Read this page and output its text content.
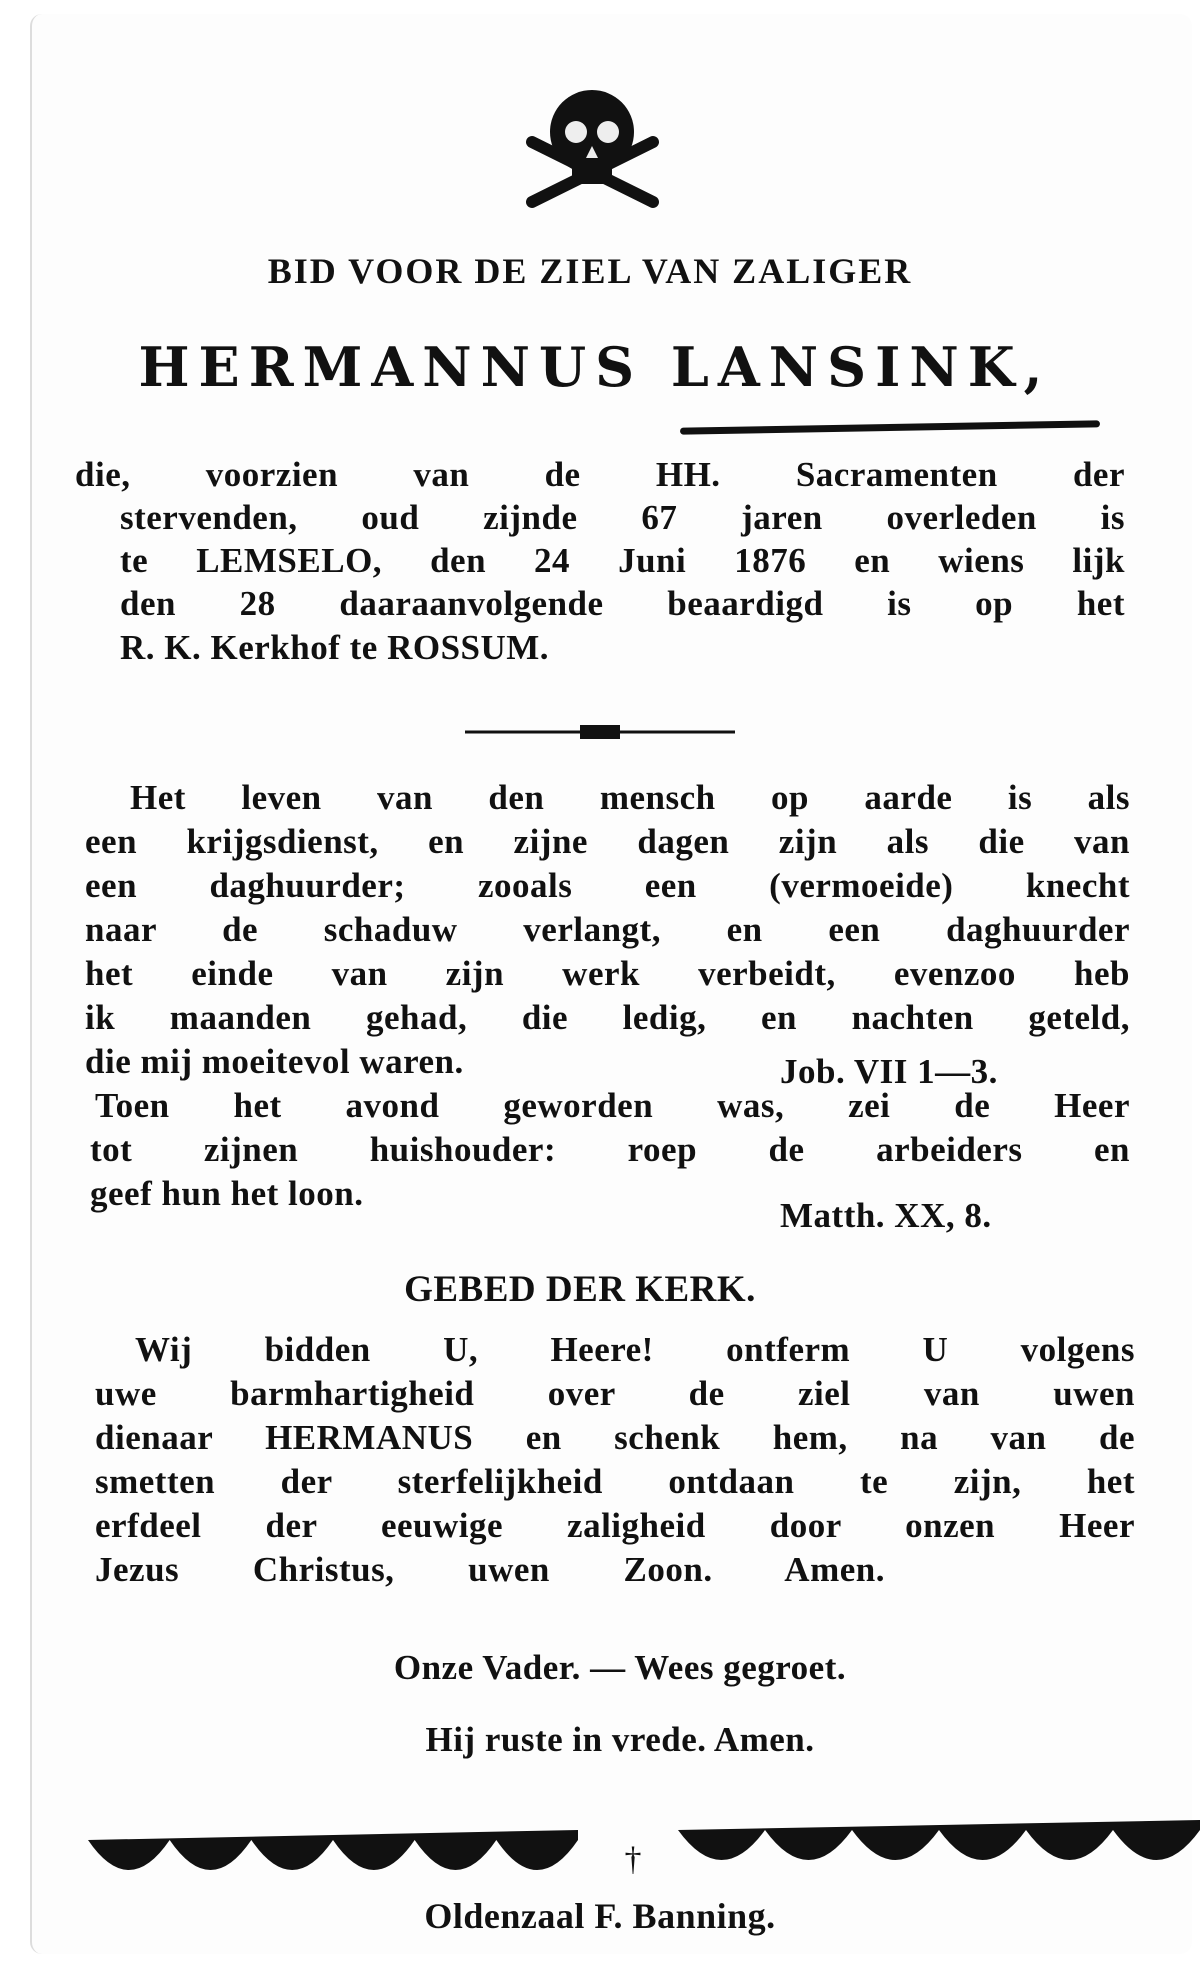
BID VOOR DE ZIEL VAN ZALIGER
HERMANNUS LANSINK,
die, voorzien van de HH. Sacramenten der
stervenden, oud zijnde 67 jaren overleden is
te LEMSELO, den 24 Juni 1876 en wiens lijk
den 28 daaraanvolgende beaardigd is op het
R. K. Kerkhof te ROSSUM.
Het leven van den mensch op aarde is als
een krijgsdienst, en zijne dagen zijn als die van
een daghuurder; zooals een (vermoeide) knecht
naar de schaduw verlangt, en een daghuurder
het einde van zijn werk verbeidt, evenzoo heb
ik maanden gehad, die ledig, en nachten geteld,
die mij moeitevol waren.
Toen het avond geworden was, zei de Heer
tot zijnen huishouder: roep de arbeiders en
geef hun het loon.
Job. VII 1—3.
Matth. XX, 8.
GEBED DER KERK.
Wij bidden U, Heere! ontferm U volgens
uwe barmhartigheid over de ziel van uwen
dienaar HERMANUS en schenk hem, na van de
smetten der sterfelijkheid ontdaan te zijn, het
erfdeel der eeuwige zaligheid door onzen Heer
Jezus Christus, uwen Zoon. Amen.
Onze Vader. — Wees gegroet.
Hij ruste in vrede. Amen.
†
Oldenzaal F. Banning.
